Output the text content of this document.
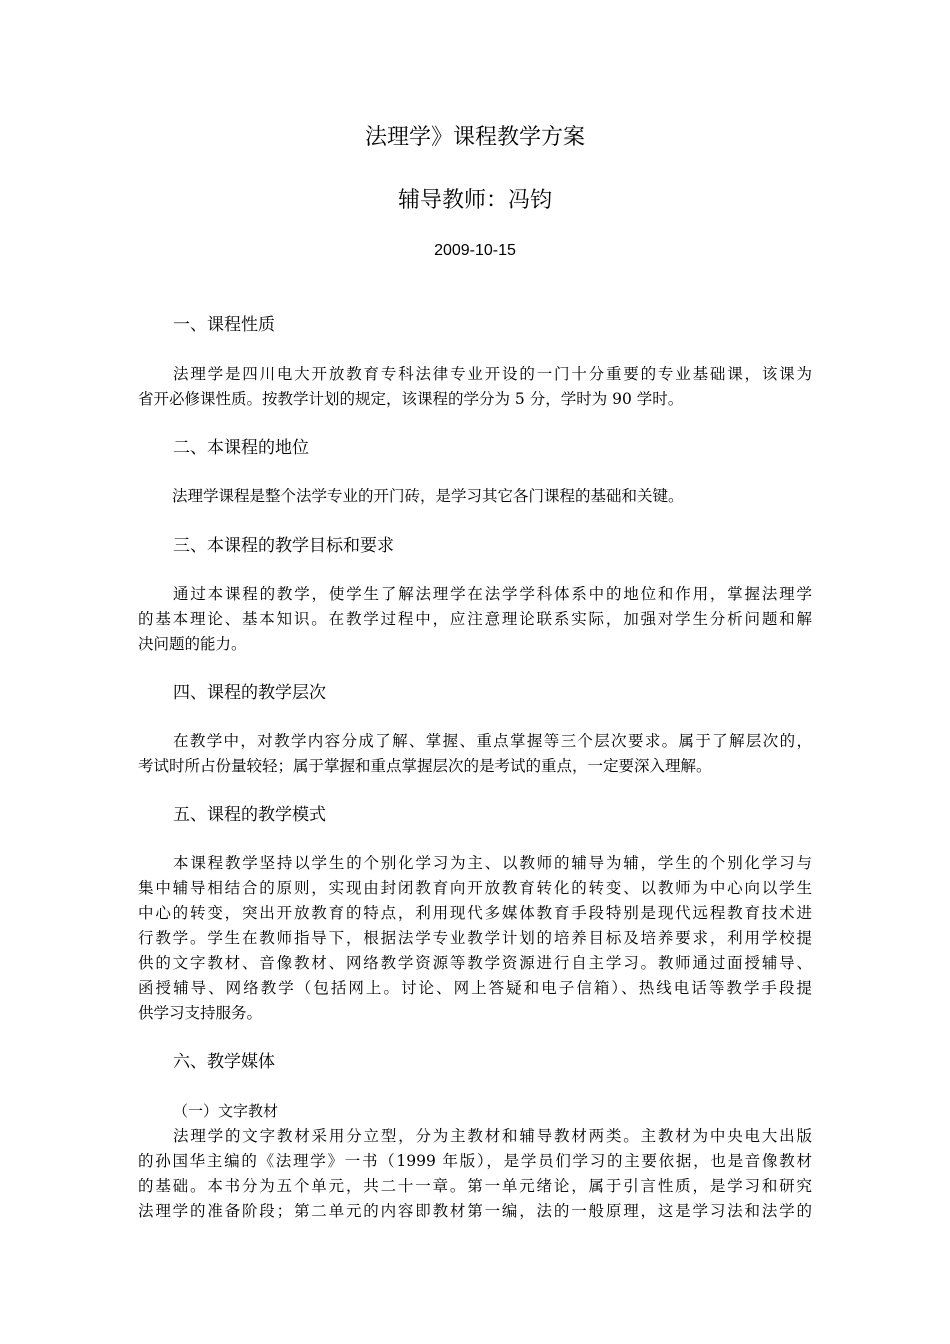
法理学》课程教学方案
辅导教师：冯钧
2009-10-15
一、课程性质
法理学是四川电大开放教育专科法律专业开设的一门十分重要的专业基础课，该课为
省开必修课性质。按教学计划的规定，该课程的学分为 5 分，学时为 90 学时。
二、本课程的地位
法理学课程是整个法学专业的开门砖，是学习其它各门课程的基础和关键。
三、本课程的教学目标和要求
通过本课程的教学，使学生了解法理学在法学学科体系中的地位和作用，掌握法理学
的基本理论、基本知识。在教学过程中，应注意理论联系实际，加强对学生分析问题和解
决问题的能力。
四、课程的教学层次
在教学中，对教学内容分成了解、掌握、重点掌握等三个层次要求。属于了解层次的，
考试时所占份量较轻；属于掌握和重点掌握层次的是考试的重点，一定要深入理解。
五、课程的教学模式
本课程教学坚持以学生的个别化学习为主、以教师的辅导为辅，学生的个别化学习与
集中辅导相结合的原则，实现由封闭教育向开放教育转化的转变、以教师为中心向以学生
中心的转变，突出开放教育的特点，利用现代多媒体教育手段特别是现代远程教育技术进
行教学。学生在教师指导下，根据法学专业教学计划的培养目标及培养要求，利用学校提
供的文字教材、音像教材、网络教学资源等教学资源进行自主学习。教师通过面授辅导、
函授辅导、网络教学（包括网上。讨论、网上答疑和电子信箱）、热线电话等教学手段提
供学习支持服务。
六、教学媒体
（一）文字教材
法理学的文字教材采用分立型，分为主教材和辅导教材两类。主教材为中央电大出版
的孙国华主编的《法理学》一书（1999 年版），是学员们学习的主要依据，也是音像教材
的基础。本书分为五个单元，共二十一章。第一单元绪论，属于引言性质，是学习和研究
法理学的准备阶段；第二单元的内容即教材第一编，法的一般原理，这是学习法和法学的
